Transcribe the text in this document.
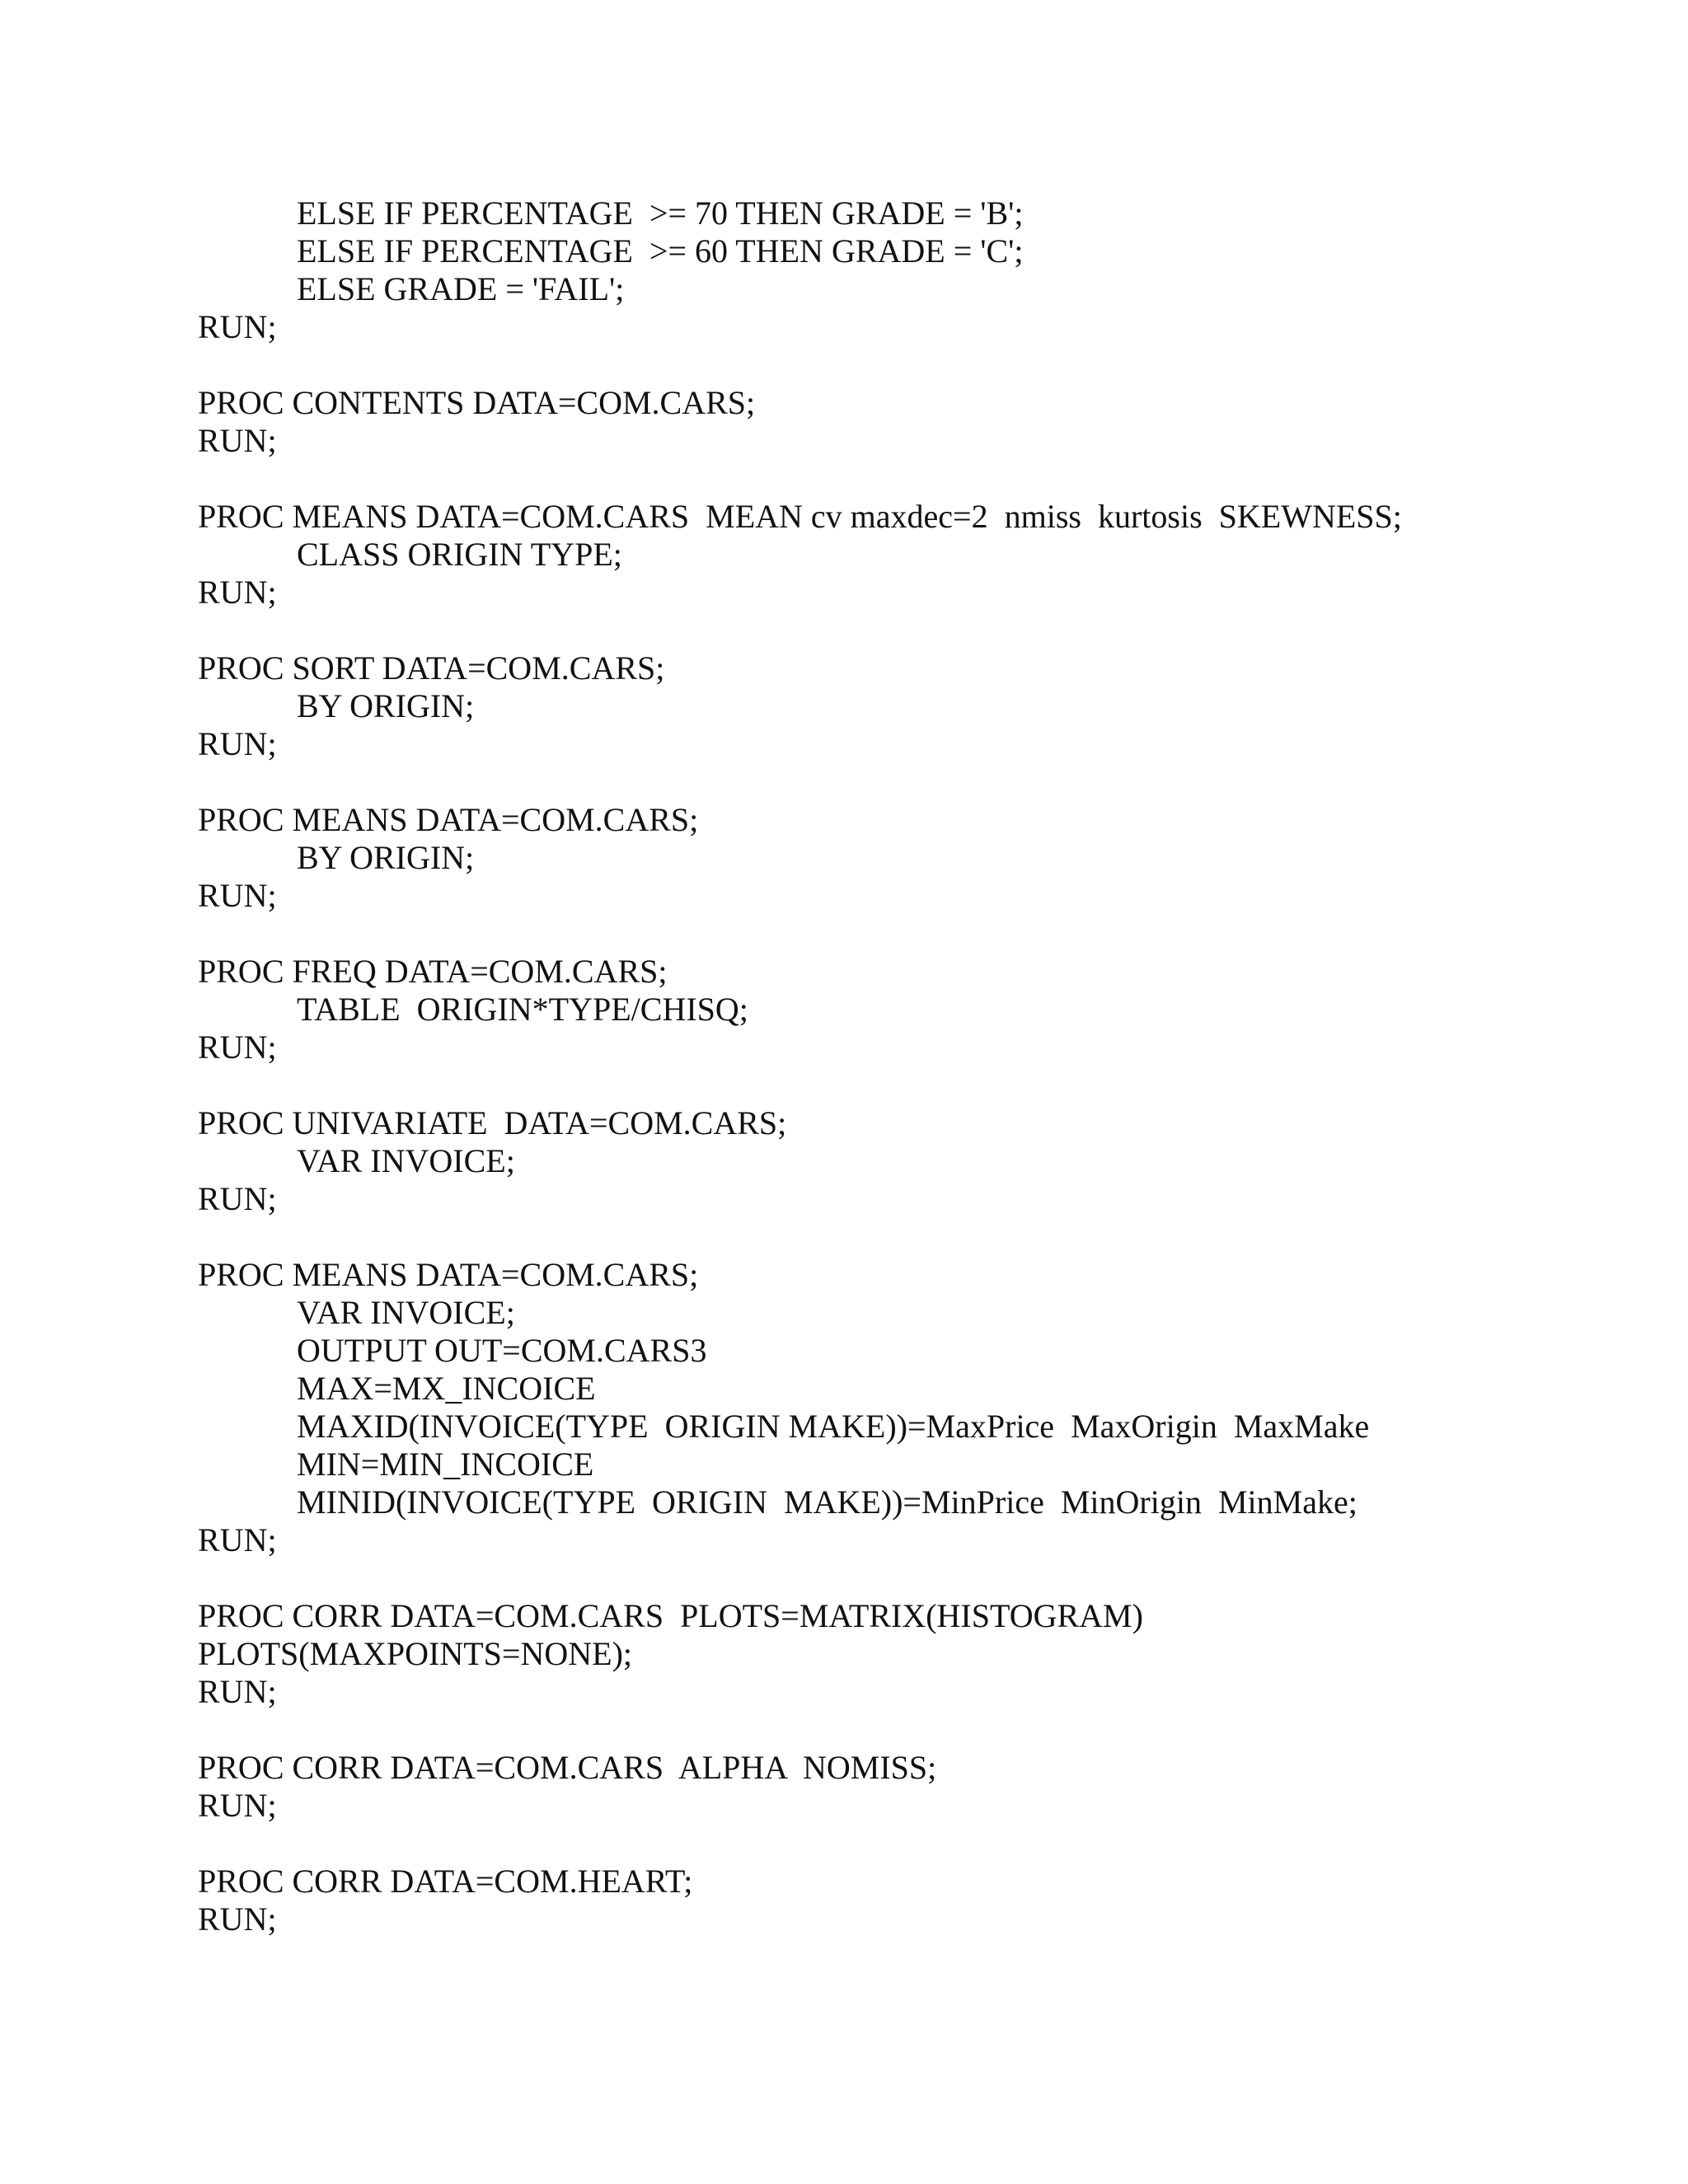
ELSE IF PERCENTAGE  >= 70 THEN GRADE = 'B';

ELSE IF PERCENTAGE  >= 60 THEN GRADE = 'C';

ELSE GRADE = 'FAIL';

RUN;

PROC CONTENTS DATA=COM.CARS;

RUN;

PROC MEANS DATA=COM.CARS  MEAN cv maxdec=2  nmiss  kurtosis  SKEWNESS;

CLASS ORIGIN TYPE;

RUN;

PROC SORT DATA=COM.CARS;

BY ORIGIN;

RUN;

PROC MEANS DATA=COM.CARS;

BY ORIGIN;

RUN;

PROC FREQ DATA=COM.CARS;

TABLE  ORIGIN*TYPE/CHISQ;

RUN;

PROC UNIVARIATE  DATA=COM.CARS;

VAR INVOICE;

RUN;

PROC MEANS DATA=COM.CARS;

VAR INVOICE;

OUTPUT OUT=COM.CARS3

MAX=MX_INCOICE

MAXID(INVOICE(TYPE  ORIGIN MAKE))=MaxPrice  MaxOrigin  MaxMake

MIN=MIN_INCOICE

MINID(INVOICE(TYPE  ORIGIN  MAKE))=MinPrice  MinOrigin  MinMake;

RUN;

PROC CORR DATA=COM.CARS  PLOTS=MATRIX(HISTOGRAM)

PLOTS(MAXPOINTS=NONE);

RUN;

PROC CORR DATA=COM.CARS  ALPHA  NOMISS;

RUN;

PROC CORR DATA=COM.HEART;

RUN;
